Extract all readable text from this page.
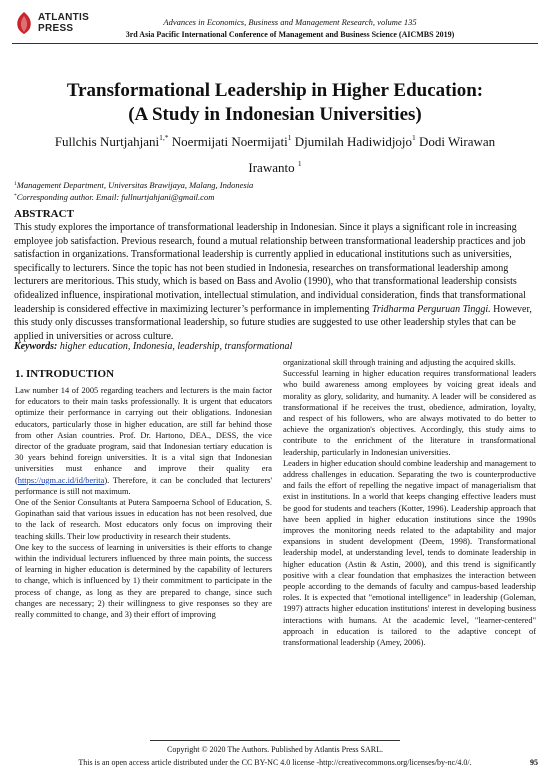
ATLANTIS
PRESS
Advances in Economics, Business and Management Research, volume 135
3rd Asia Pacific International Conference of Management and Business Science (AICMBS 2019)
Transformational Leadership in Higher Education:
(A Study in Indonesian Universities)
Fullchis Nurtjahjani$^{1,*}$ Noermijati Noermijati$^1$ Djumilah Hadiwidjojo$^1$ Dodi Wirawan
Irawanto $^1$
$^1$Management Department, Universitas Brawijaya, Malang, Indonesia
*Corresponding author. Email: fullnurtjahjani@gmail.com
ABSTRACT
This study explores the importance of transformational leadership in Indonesian. Since it plays a significant role in increasing employee job satisfaction. Previous research, found a mutual relationship between transformational leadership practices and job satisfaction in organizations. Transformational leadership is currently applied in educational institutions such as universities, specifically to lecturers. Since the topic has not been studied in Indonesia, researches on transformational leadership among lecturers are meritorious. This study, which is based on Bass and Avolio (1990), who that transformational leadership consists ofidealized influence, inspirational motivation, intellectual stimulation, and individual consideration, finds that transformational leadership is considered effective in maximizing lecturer’s performance in implementing Tridharma Perguruan Tinggi. However, this study only discusses transformational leadership, so future studies are suggested to use other leadership styles that can be applied in universities or across culture.
Keywords: higher education, Indonesia, leadership, transformational
1. INTRODUCTION

Law number 14 of 2005 regarding teachers and lecturers is the main factor for educators to their main tasks professionally. It is urgent that educators optimize their performance in carrying out their obligations. Indonesian educators, particularly those in higher education, are still far behind those from other Asian countries. Prof. Dr. Hartono, DEA., DESS, the vice director of the graduate program, said that Indonesian tertiary education is 30 years behind foreign universities. It is a vital sign that Indonesian universities must enhance and improve their quality era (https://ugm.ac.id/id/berita). Therefore, it can be concluded that lecturers' performance is still not maximum.

One of the Senior Consultants at Putera Sampoerna School of Education, S. Gopinathan said that various issues in education has not been resolved, due to the lack of research. Most educators only focus on improving their teaching skills. Their low productivity in research their students.

One key to the success of learning in universities is their efforts to change within the individual lecturers influenced by three main points, the success of learning in higher education is determined by the capability of lecturers to change, which is influenced by 1) their commitment to participate in the process of change, as long as they are prepared to change, since such changes are necessary; 2) their willingness to give responses so they are really committed to change, and 3) their effort of improving

organizational skill through training and adjusting the acquired skills.

Successful learning in higher education requires transformational leaders who build awareness among employees by voicing great ideals and morality as glory, solidarity, and humanity. A leader will be considered as transformational if he receives the trust, obedience, admiration, loyalty, and respect of his followers, who are always motivated to do better to achieve the organization's objectives. Accordingly, this study aims to contribute to the enrichment of the literature in transformational leadership, particularly in Indonesian universities.

Leaders in higher education should combine leadership and management to address challenges in education. Separating the two is counterproductive and fails the effort of repelling the negative impact of managerialism that exist in institutions. In a world that keeps changing effective leaders must be good for students and teachers (Kotter, 1996). Leadership approach that have been applied in higher education institutions since the 1990s improves the monitoring needs related to the adaptability and major expansions in student development (Deem, 1998). Transformational leadership model, at understanding level, tends to dominate leadership in higher education (Astin & Astin, 2000), and this trend is significantly positive with a clear foundation that emphasizes the interaction between people according to the demands of faculty and campus-based leadership roles. It is expected that "emotional intelligence" in leadership (Goleman, 1997) attracts higher education institutions' interest in developing business interactions with humans. At the academic level, "learner-centered" approach in education is tailored to the adaptive concept of transformational leadership (Amey, 2006).

Copyright © 2020 The Authors. Published by Atlantis Press SARL.
This is an open access article distributed under the CC BY-NC 4.0 license -http://creativecommons.org/licenses/by-nc/4.0/.	95
